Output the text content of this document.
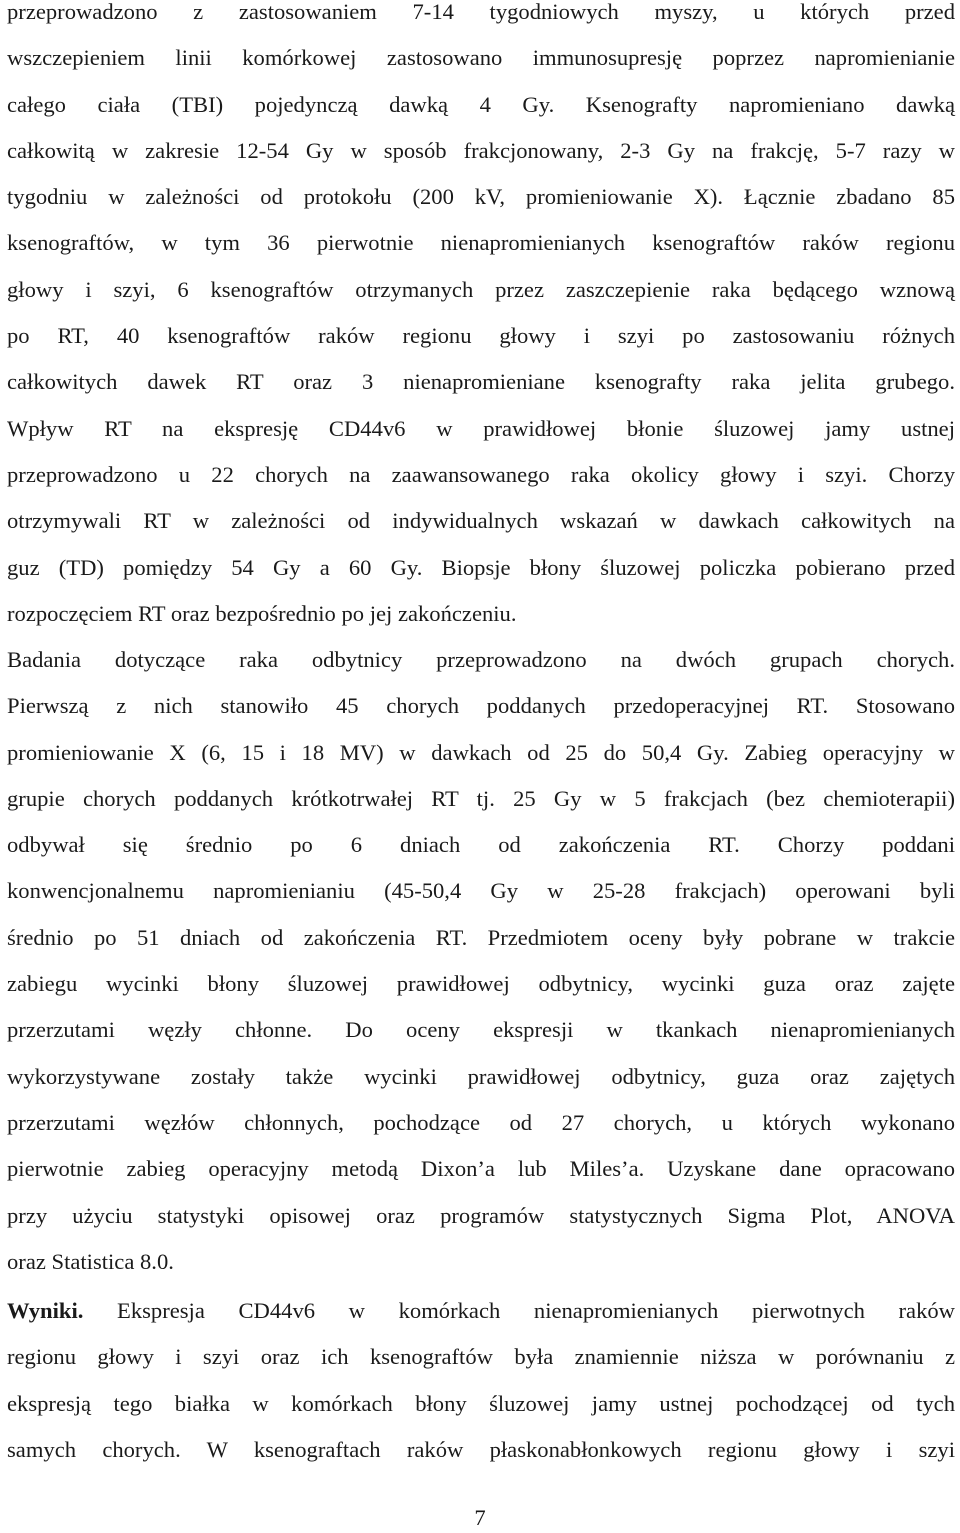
przeprowadzono z zastosowaniem 7-14 tygodniowych myszy, u których przed
wszczepieniem linii komórkowej zastosowano immunosupresję poprzez napromienianie
całego ciała (TBI) pojedynczą dawką 4 Gy. Ksenografty napromieniano dawką
całkowitą w zakresie 12-54 Gy w sposób frakcjonowany, 2-3 Gy na frakcję, 5-7 razy w
tygodniu w zależności od protokołu (200 kV, promieniowanie X). Łącznie zbadano 85
ksenograftów, w tym 36 pierwotnie nienapromienianych ksenograftów raków regionu
głowy i szyi, 6 ksenograftów otrzymanych przez zaszczepienie raka będącego wznową
po RT, 40 ksenograftów raków regionu głowy i szyi po zastosowaniu różnych
całkowitych dawek RT oraz 3 nienapromieniane ksenografty raka jelita grubego.
Wpływ RT na ekspresję CD44v6 w prawidłowej błonie śluzowej jamy ustnej
przeprowadzono u 22 chorych na zaawansowanego raka okolicy głowy i szyi. Chorzy
otrzymywali RT w zależności od indywidualnych wskazań w dawkach całkowitych na
guz (TD) pomiędzy 54 Gy a 60 Gy. Biopsje błony śluzowej policzka pobierano przed
rozpoczęciem RT oraz bezpośrednio po jej zakończeniu.
Badania dotyczące raka odbytnicy przeprowadzono na dwóch grupach chorych.
Pierwszą z nich stanowiło 45 chorych poddanych przedoperacyjnej RT. Stosowano
promieniowanie X (6, 15 i 18 MV) w dawkach od 25 do 50,4 Gy. Zabieg operacyjny w
grupie chorych poddanych krótkotrwałej RT tj. 25 Gy w 5 frakcjach (bez chemioterapii)
odbywał się średnio po 6 dniach od zakończenia RT. Chorzy poddani
konwencjonalnemu napromienianiu (45-50,4 Gy w 25-28 frakcjach) operowani byli
średnio po 51 dniach od zakończenia RT. Przedmiotem oceny były pobrane w trakcie
zabiegu wycinki błony śluzowej prawidłowej odbytnicy, wycinki guza oraz zajęte
przerzutami węzły chłonne. Do oceny ekspresji w tkankach nienapromienianych
wykorzystywane zostały także wycinki prawidłowej odbytnicy, guza oraz zajętych
przerzutami węzłów chłonnych, pochodzące od 27 chorych, u których wykonano
pierwotnie zabieg operacyjny metodą Dixon’a lub Miles’a. Uzyskane dane opracowano
przy użyciu statystyki opisowej oraz programów statystycznych Sigma Plot, ANOVA
oraz Statistica 8.0.
Wyniki. Ekspresja CD44v6 w komórkach nienapromienianych pierwotnych raków
regionu głowy i szyi oraz ich ksenograftów była znamiennie niższa w porównaniu z
ekspresją tego białka w komórkach błony śluzowej jamy ustnej pochodzącej od tych
samych chorych. W ksenograftach raków płaskonabłonkowych regionu głowy i szyi
7
